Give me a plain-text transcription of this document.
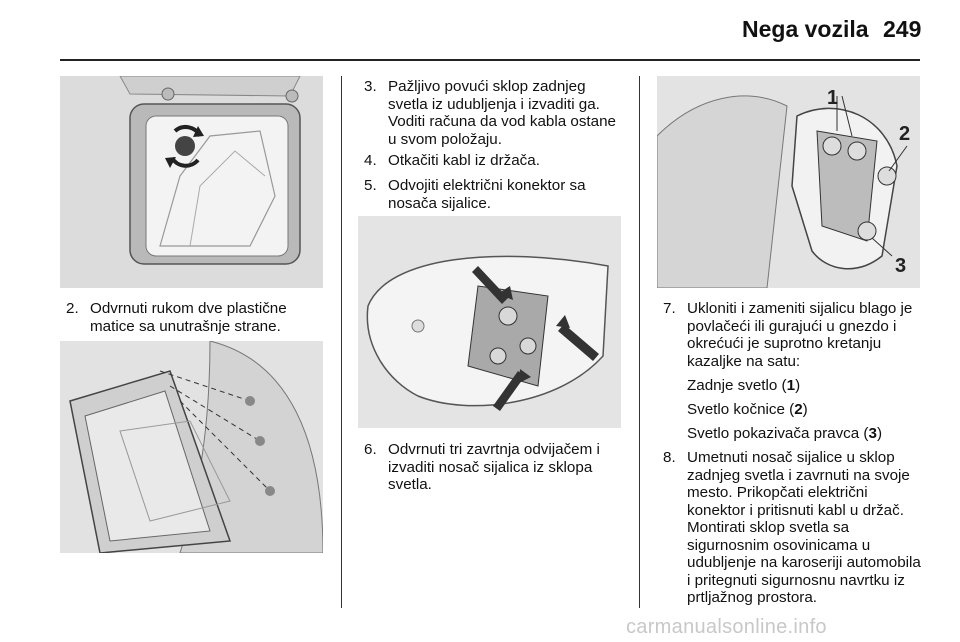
Nega vozila 249
2. Odvrnuti rukom dve plastične matice sa unutrašnje strane.
3. Pažljivo povući sklop zadnjeg svetla iz udubljenja i izvaditi ga. Voditi računa da vod kabla ostane u svom položaju.
4. Otkačiti kabl iz držača.
5. Odvojiti električni konektor sa nosača sijalice.
6. Odvrnuti tri zavrtnja odvijačem i izvaditi nosač sijalica iz sklopa svetla.
1
2
3
7. Ukloniti i zameniti sijalicu blago je povlačeći ili gurajući u gnezdo i okrećući je suprotno kretanju kazaljke na satu:
Zadnje svetlo (1)
Svetlo kočnice (2)
Svetlo pokazivača pravca (3)
8. Umetnuti nosač sijalice u sklop zadnjeg svetla i zavrnuti na svoje mesto. Prikopčati električni konektor i pritisnuti kabl u držač. Montirati sklop svetla sa sigurnosnim osovinicama u udubljenje na karoseriji automobila i pritegnuti sigurnosnu navrtku iz prtljažnog prostora.
carmanualsonline.info
